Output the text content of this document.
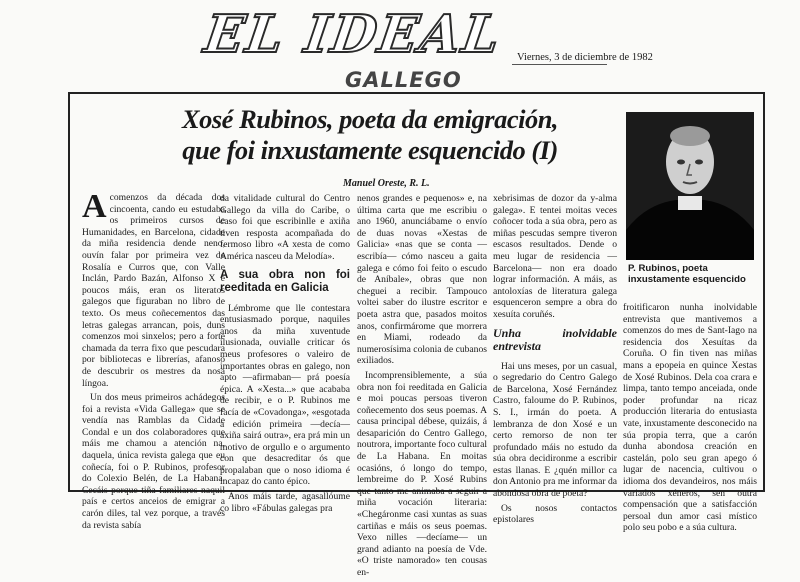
EL IDEAL
GALLEGO
Viernes, 3 de diciembre de 1982
Xosé Rubinos, poeta da emigración,
que foi inxustamente esquencido (I)
Manuel Oreste, R. L.
P. Rubinos, poeta inxustamente esquencido

Acomenzos da década dos cincoenta, cando eu estudaba os primeiros cursos de Humanidades, en Barcelona, cidade da miña residencia dende neno, ouvín falar por primeira vez de Rosalía e Curros que, con Valle Inclán, Pardo Bazán, Alfonso X e poucos máis, eran os literatos galegos que figuraban no libro de texto. Os meus coñecementos das letras galegas arrancan, pois, duns comenzos moi sinxelos; pero a forte chamada da terra fixo que pescudara por bibliotecas e librerías, afanoso de descubrir os mestres da nosa língoa.

Un dos meus primeiros achádegos foi a revista «Vida Gallega» que se vendía nas Ramblas da Cidade Condal e un dos colaboradores que máis me chamou a atención na, daquela, única revista galega que eu coñecía, foi o P. Rubinos, profesor do Colexio Belén, de La Habana. Cecáis porque tiña familiares naquil país e certos anceios de emigrar a carón diles, tal vez porque, a través da revista sabía

da vitalidade cultural do Centro Gallego da villa do Caribe, o caso foi que escribinlle e axiña tiven resposta acompañada do fermoso libro «A xesta de como América nasceu da Melodía».

A sua obra non foi reeditada en Galicia

Lémbrome que lle contestara entusiasmado porque, naquiles anos da miña xuventude ilusionada, ouvialle criticar ós meus profesores o valeiro de importantes obras en galego, non apto —afirmaban— prá poesía épica. A «Xesta...» que acababa de recibir, e o P. Rubinos me facía de «Covadonga», «esgotada a edición primeira —decía— axiña sairá outra», era prá min un motivo de orgullo e o argumento con que desacreditar ós que propalaban que o noso idioma é incapaz do canto épico.

Anos máis tarde, agasallóume co libro «Fábulas galegas pra

nenos grandes e pequenos» e, na última carta que me escribiu o ano 1960, anunciábame o envío de duas novas «Xestas de Galicia» «nas que se conta —escribía— cómo nasceu a gaita galega e cómo foi feito o escudo de Aníbale», obras que non cheguei a recibir. Tampouco voltei saber do ilustre escritor e poeta astra que, pasados moitos anos, confirmárome que morrera en Miami, rodeado da numerosísima colonia de cubanos exiliados.

Incomprensiblemente, a súa obra non foi reeditada en Galicia e moi poucas persoas tiveron coñecemento dos seus poemas. A causa principal débese, quizáis, á desaparición do Centro Gallego, noutrora, importante foco cultural de La Habana. En moitas ocasións, ó longo do tempo, lembreime do P. Xosé Rubins que tanto me animaba a seguir a miña vocación literaria: «Chegáronme casi xuntas as suas cartiñas e máis os seus poemas. Vexo nilles —decíame— un grand adianto na poesía de Vde. «O triste namorado» ten cousas en-

xebrisimas de dozor da y-alma galega». E tentei moitas veces coñocer toda a súa obra, pero as miñas pescudas sempre tiveron escasos resultados. Dende o meu lugar de residencia —Barcelona— non era doado lograr información. A máis, as antoloxías de literatura galega esquenceron sempre a obra do xesuíta coruñés.

Unha inolvidable entrevista

Hai uns meses, por un casual, o segredario do Centro Galego de Barcelona, Xosé Fernández Castro, faloume do P. Rubinos, S. I., irmán do poeta. A lembranza de don Xosé e un certo remorso de non ter profundado máis no estudo da súa obra decidironme a escribir estas llanas. E ¿quén millor ca don Antonio pra me informar da abondosa obra de poeta?

Os nosos contactos epistolares

froitificaron nunha inolvidable entrevista que mantivemos a comenzos do mes de Sant-Iago na residencia dos Xesuítas da Coruña. O fin tiven nas miñas mans a epopeia en quince Xestas de Xosé Rubinos. Dela coa crara e limpa, tanto tempo anceiada, onde poder profundar na ricaz producción literaria do entusiasta vate, inxustamente desconecido na súa propia terra, que a carón dunha abondosa creación en castelán, polo seu gran apego ó lugar de nacencia, cultivou o idioma dos devandeiros, nos máis variados xéneros, sen outra compensación que a satisfacción persoal dun amor casi místico polo seu pobo e a súa cultura.
